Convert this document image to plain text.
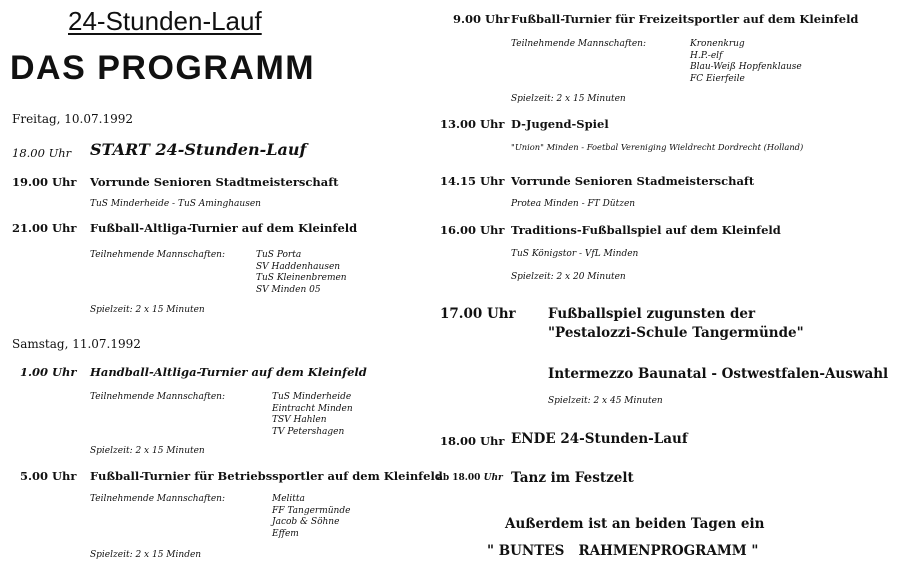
24-Stunden-Lauf
DAS PROGRAMM
Freitag, 10.07.1992
18.00 Uhr START 24-Stunden-Lauf
19.00 Uhr Vorrunde Senioren Stadtmeisterschaft
TuS Minderheide - TuS Aminghausen
21.00 Uhr Fußball-Altliga-Turnier auf dem Kleinfeld
Teilnehmende Mannschaften:	TuS Porta
SV Haddenhausen
TuS Kleinenbremen
SV Minden 05
Spielzeit: 2 x 15 Minuten
Samstag, 11.07.1992
1.00 Uhr Handball-Altliga-Turnier auf dem Kleinfeld
Teilnehmende Mannschaften:	TuS Minderheide
Eintracht Minden
TSV Hahlen
TV Petershagen
Spielzeit: 2 x 15 Minuten
5.00 Uhr Fußball-Turnier für Betriebssportler auf dem Kleinfeld
Teilnehmende Mannschaften:	Melitta
FF Tangermünde
Jacob & Söhne
Effem
Spielzeit: 2 x 15 Minden
9.00 Uhr Fußball-Turnier für Freizeitsportler auf dem Kleinfeld
Teilnehmende Mannschaften:	Kronenkrug
H.P.-elf
Blau-Weiß Hopfenklause
FC Eierfeile
Spielzeit: 2 x 15 Minuten
13.00 Uhr D-Jugend-Spiel
"Union" Minden - Foetbal Vereniging Wieldrecht Dordrecht (Holland)
14.15 Uhr Vorrunde Senioren Stadmeisterschaft
Protea Minden - FT Dützen
16.00 Uhr Traditions-Fußballspiel auf dem Kleinfeld
TuS Königstor - VfL Minden
Spielzeit: 2 x 20 Minuten
17.00 Uhr Fußballspiel zugunsten der
"Pestalozzi-Schule Tangermünde"
Intermezzo Baunatal - Ostwestfalen-Auswahl
Spielzeit: 2 x 45 Minuten
18.00 Uhr ENDE 24-Stunden-Lauf
ab 18.00 Uhr Tanz im Festzelt
Außerdem ist an beiden Tagen ein
" BUNTES   RAHMENPROGRAMM "
